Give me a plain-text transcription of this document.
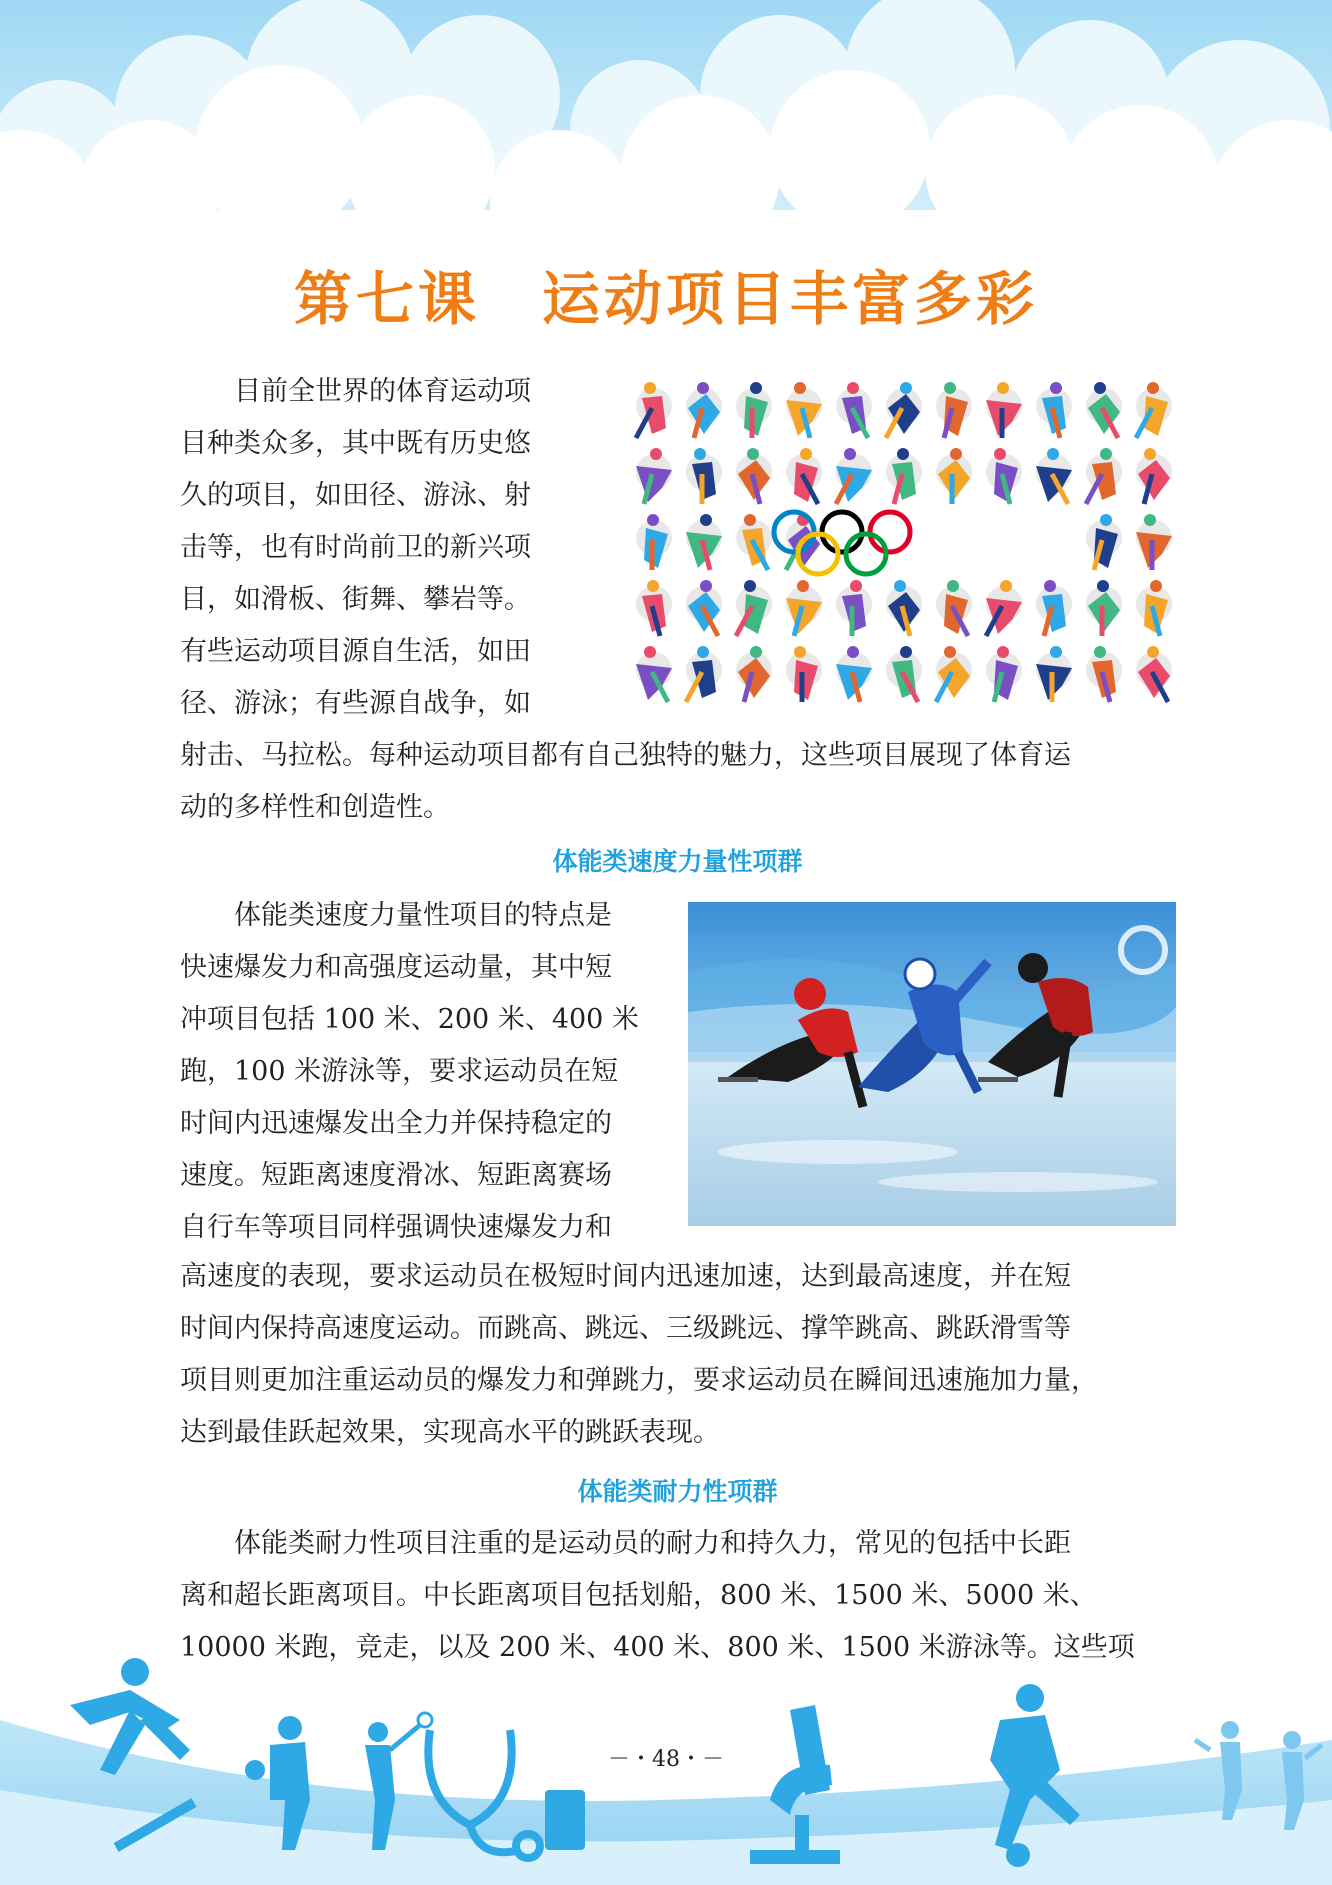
第七课　运动项目丰富多彩

目前全世界的体育运动项

目种类众多，其中既有历史悠

久的项目，如田径、游泳、射

击等，也有时尚前卫的新兴项

目，如滑板、街舞、攀岩等。

有些运动项目源自生活，如田

径、游泳；有些源自战争，如

射击、马拉松。每种运动项目都有自己独特的魅力，这些项目展现了体育运

动的多样性和创造性。

体能类速度力量性项群

体能类速度力量性项目的特点是

快速爆发力和高强度运动量，其中短

冲项目包括 100 米、200 米、400 米

跑，100 米游泳等，要求运动员在短

时间内迅速爆发出全力并保持稳定的

速度。短距离速度滑冰、短距离赛场

自行车等项目同样强调快速爆发力和

高速度的表现，要求运动员在极短时间内迅速加速，达到最高速度，并在短

时间内保持高速度运动。而跳高、跳远、三级跳远、撑竿跳高、跳跃滑雪等

项目则更加注重运动员的爆发力和弹跳力，要求运动员在瞬间迅速施加力量，

达到最佳跃起效果，实现高水平的跳跃表现。

体能类耐力性项群

体能类耐力性项目注重的是运动员的耐力和持久力，常见的包括中长距

离和超长距离项目。中长距离项目包括划船，800 米、1500 米、5000 米、

10000 米跑，竞走，以及 200 米、400 米、800 米、1500 米游泳等。这些项

－・48・－
